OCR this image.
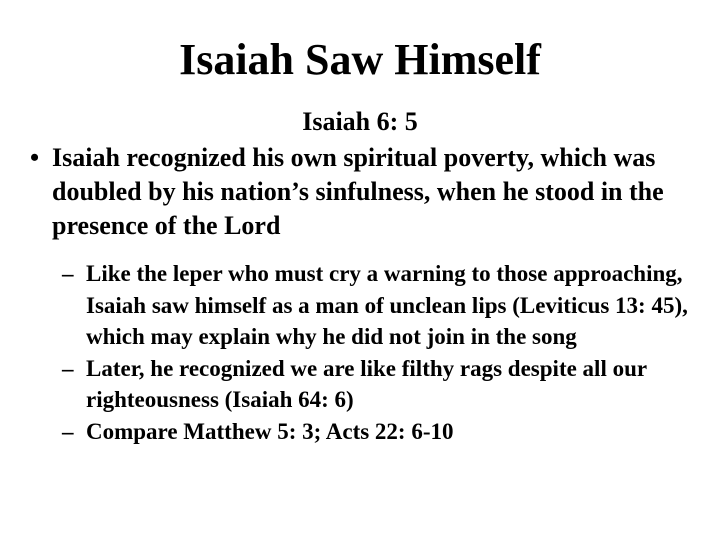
Isaiah Saw Himself
Isaiah 6: 5
• Isaiah recognized his own spiritual poverty, which was doubled by his nation’s sinfulness, when he stood in the presence of the Lord
– Like the leper who must cry a warning to those approaching, Isaiah saw himself as a man of unclean lips (Leviticus 13: 45), which may explain why he did not join in the song
– Later, he recognized we are like filthy rags despite all our righteousness (Isaiah 64: 6)
– Compare Matthew 5: 3; Acts 22: 6-10
